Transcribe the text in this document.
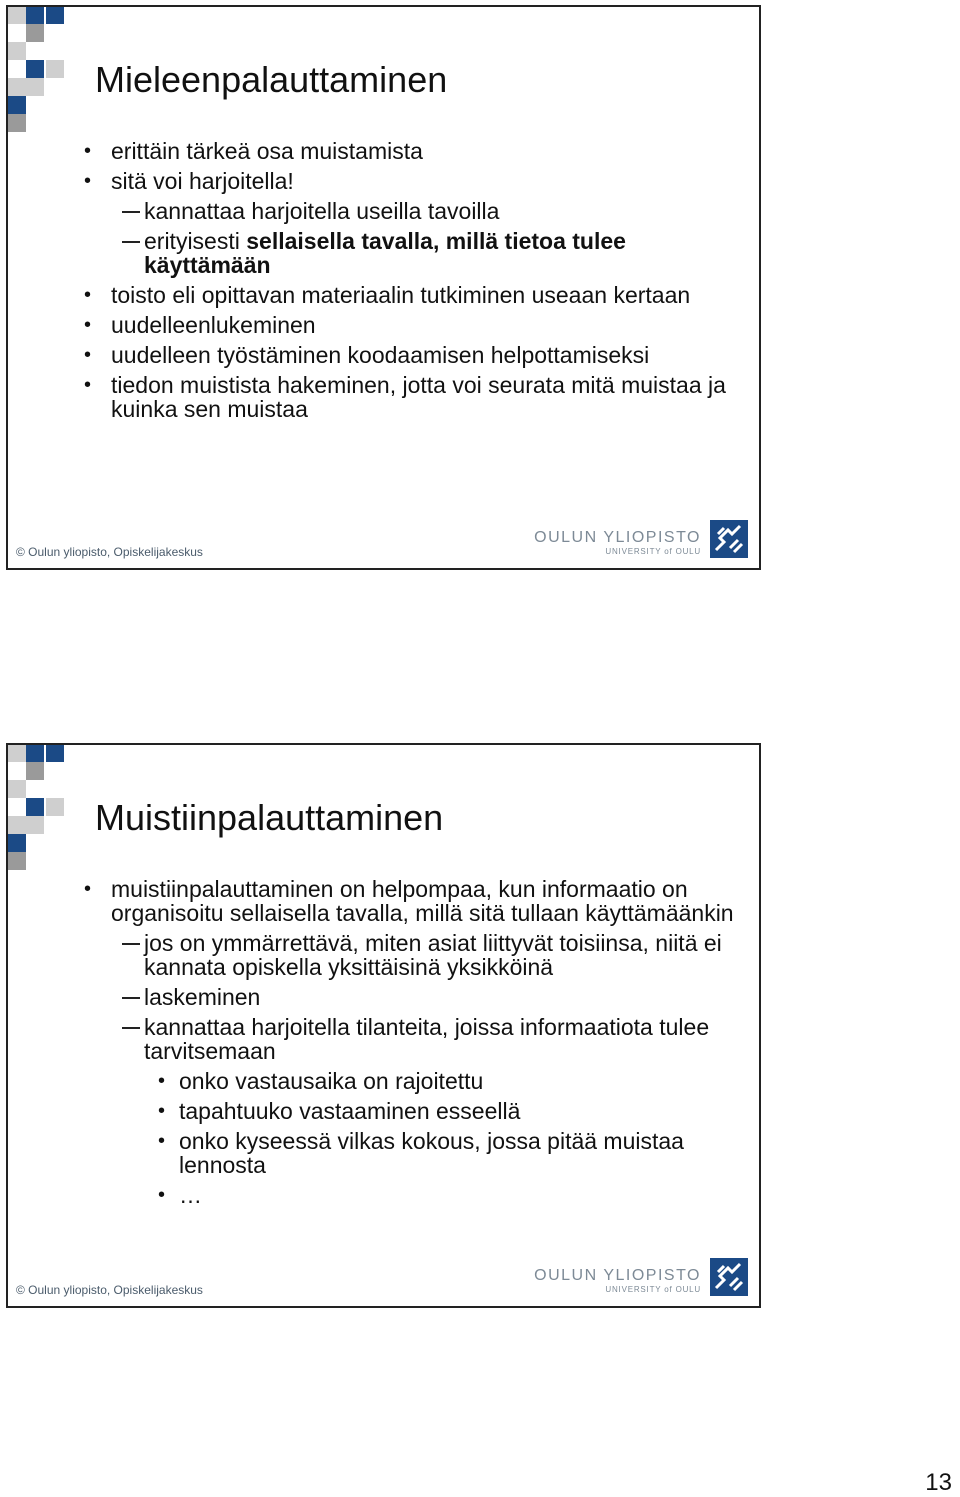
Mieleenpalauttaminen
• erittäin tärkeä osa muistamista
• sitä voi harjoitella!
kannattaa harjoitella useilla tavoilla
erityisesti sellaisella tavalla, millä tietoa tulee käyttämään
• toisto eli opittavan materiaalin tutkiminen useaan kertaan
• uudelleenlukeminen
• uudelleen työstäminen koodaamisen helpottamiseksi
• tiedon muistista hakeminen, jotta voi seurata mitä muistaa ja kuinka sen muistaa
© Oulun yliopisto, Opiskelijakeskus
OULUN YLIOPISTO
UNIVERSITY of OULU
Muistiinpalauttaminen
• muistiinpalauttaminen on helpompaa, kun informaatio on organisoitu sellaisella tavalla, millä sitä tullaan käyttämäänkin
jos on ymmärrettävä, miten asiat liittyvät toisiinsa, niitä ei kannata opiskella yksittäisinä yksikköinä
laskeminen
kannattaa harjoitella tilanteita, joissa informaatiota tulee tarvitsemaan
• onko vastausaika on rajoitettu
• tapahtuuko vastaaminen esseellä
• onko kyseessä vilkas kokous, jossa pitää muistaa lennosta
• …
© Oulun yliopisto, Opiskelijakeskus
OULUN YLIOPISTO
UNIVERSITY of OULU
13
